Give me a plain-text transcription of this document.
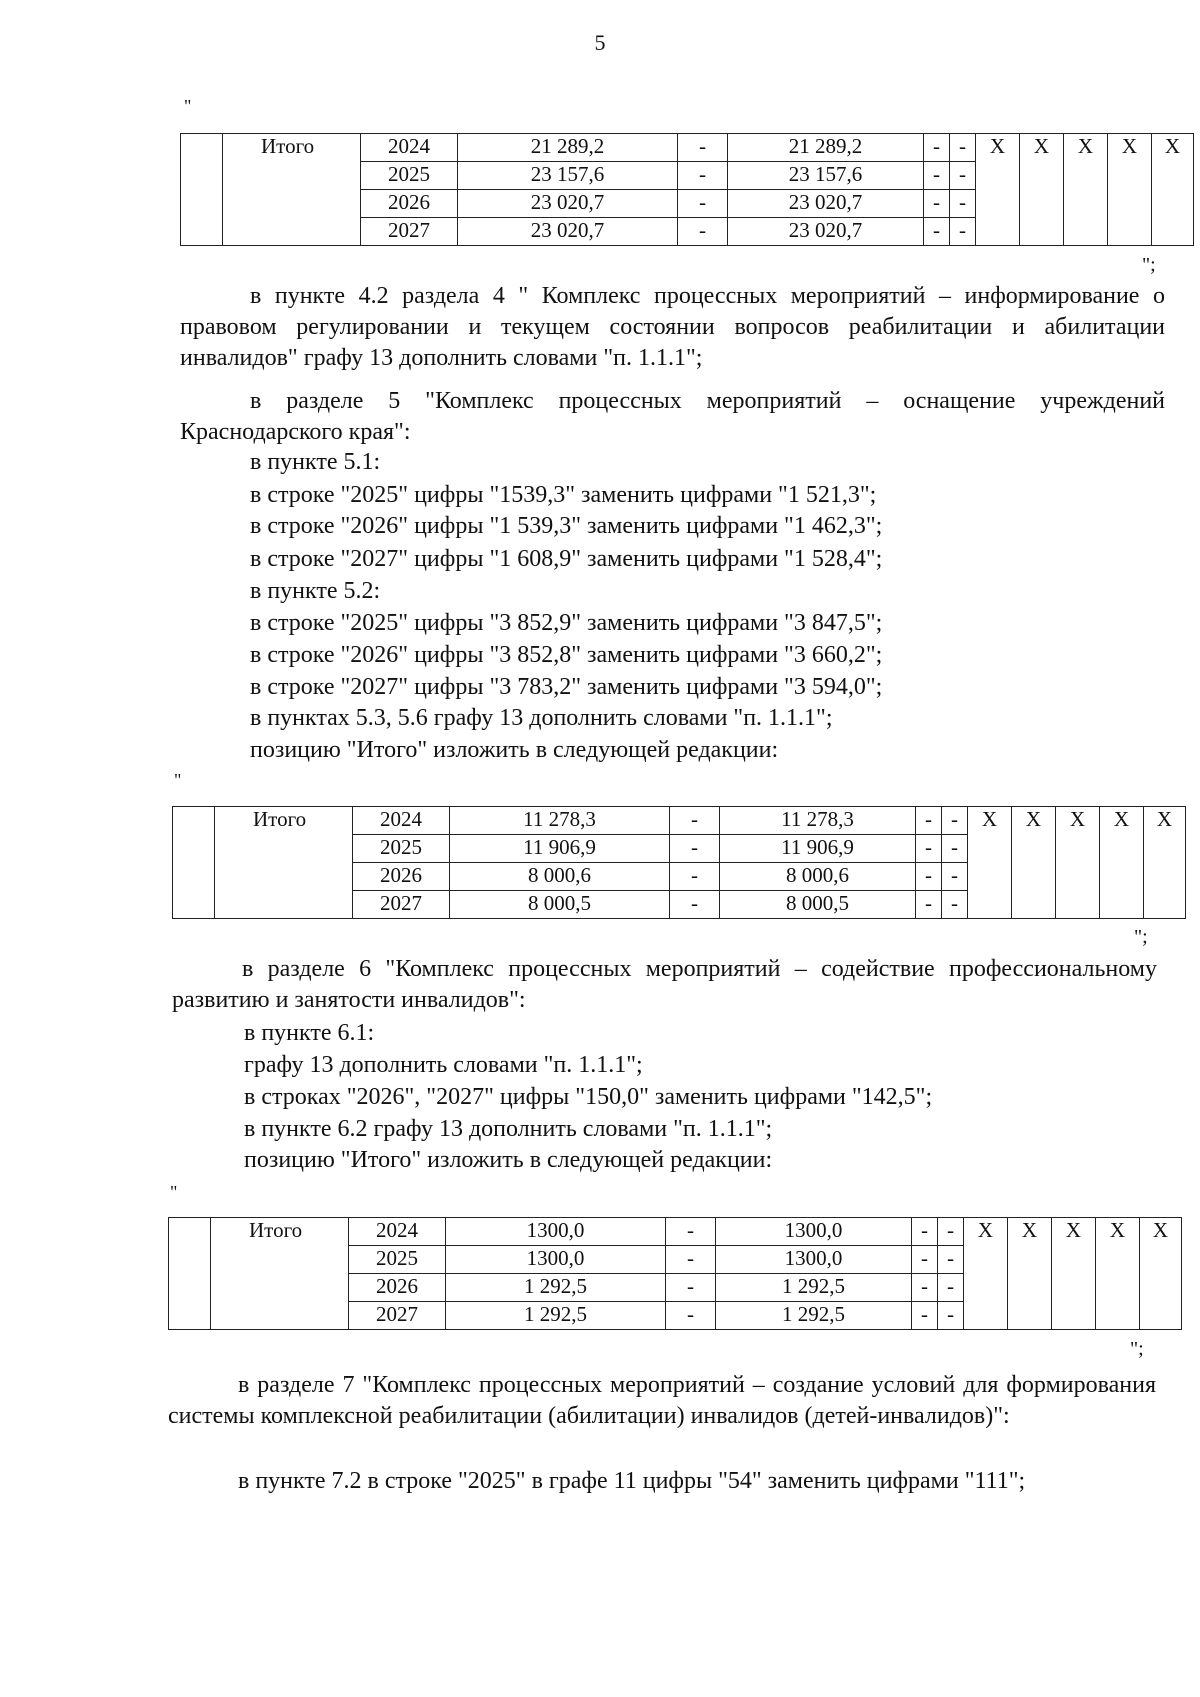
5
"
	Итого	2024	21 289,2	-	21 289,2	-	-	X	X	X	X	X
		2025	23 157,6	-	23 157,6	-	-					
		2026	23 020,7	-	23 020,7	-	-					
		2027	23 020,7	-	23 020,7	-	-					
";

в пункте 4.2 раздела 4 " Комплекс процессных мероприятий – информирование о правовом регулировании и текущем состоянии вопросов реабилитации и абилитации инвалидов" графу 13 дополнить словами "п. 1.1.1";

в разделе 5 "Комплекс процессных мероприятий – оснащение учреждений Краснодарского края":

в пункте 5.1:

в строке "2025" цифры "1539,3" заменить цифрами "1 521,3";

в строке "2026" цифры "1 539,3" заменить цифрами "1 462,3";

в строке "2027" цифры "1 608,9" заменить цифрами "1 528,4";

в пункте 5.2:

в строке "2025" цифры "3 852,9" заменить цифрами "3 847,5";

в строке "2026" цифры "3 852,8" заменить цифрами "3 660,2";

в строке "2027" цифры "3 783,2" заменить цифрами "3 594,0";

в пунктах 5.3, 5.6 графу 13 дополнить словами "п. 1.1.1";

позицию "Итого" изложить в следующей редакции:

"
	Итого	2024	11 278,3	-	11 278,3	-	-	X	X	X	X	X
		2025	11 906,9	-	11 906,9	-	-					
		2026	8 000,6	-	8 000,6	-	-					
		2027	8 000,5	-	8 000,5	-	-					
";

в разделе 6 "Комплекс процессных мероприятий – содействие профессиональному развитию и занятости инвалидов":

в пункте 6.1:

графу 13 дополнить словами "п. 1.1.1";

в строках "2026", "2027" цифры "150,0" заменить цифрами "142,5";

в пункте 6.2 графу 13 дополнить словами "п. 1.1.1";

позицию "Итого" изложить в следующей редакции:

"
	Итого	2024	1300,0	-	1300,0	-	-	X	X	X	X	X
		2025	1300,0	-	1300,0	-	-					
		2026	1 292,5	-	1 292,5	-	-					
		2027	1 292,5	-	1 292,5	-	-					
";

в разделе 7 "Комплекс процессных мероприятий – создание условий для формирования системы комплексной реабилитации (абилитации) инвалидов (детей-инвалидов)":

в пункте 7.2 в строке "2025" в графе 11 цифры "54" заменить цифрами "111";
